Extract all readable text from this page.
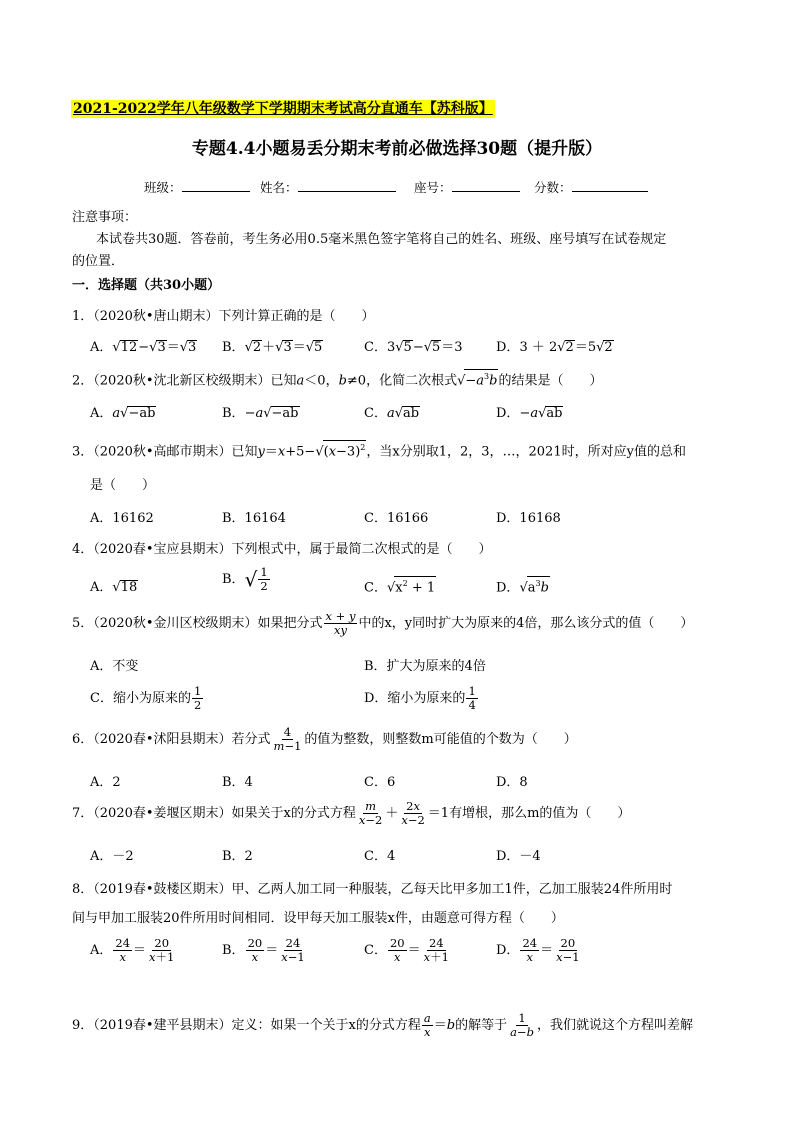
2021-2022学年八年级数学下学期期末考试高分直通车【苏科版】
专题4.4小题易丢分期末考前必做选择30题（提升版）
班级：	姓名：	座号：	分数：
注意事项：
本试卷共30题．答卷前，考生务必用0.5毫米黑色签字笔将自己的姓名、班级、座号填写在试卷规定
的位置．
一．选择题（共30小题）
1．（2020秋•唐山期末）下列计算正确的是（　　）
A．√12−√3＝√3 B．√2＋√3＝√5	C．3√5−√5＝3	D．3 ＋ 2√2＝5√2
2．（2020秋•沈北新区校级期末）已知a＜0，b≠0，化简二次根式$√-a^3b$的结果是（　　）
A．a√−ab	B．−a√−ab	C．a√ab	D．−a√ab
3．（2020秋•高邮市期末）已知$y=x+5-√(x-3)^2$，当x分别取1，2，3，…，2021时，所对应y值的总和
是（　　）
A．16162	B．16164	C．16166	D．16168
4．（2020春•宝应县期末）下列根式中，属于最简二次根式的是（　　）
A．√18
B．√ $\frac{1}{2}$	C．$√x^2 + 1$	D．$√a^3b$
5．（2020秋•金川区校级期末）如果把分式 $\frac{x + y}{xy}$ 中的x，y同时扩大为原来的4倍，那么该分式的值（　　）
A．不变	B．扩大为原来的4倍
C．缩小为原来的 $\frac{1}{2}$	D．缩小为原来的 $\frac{1}{4}$
6．（2020春•沭阳县期末）若分式 $\frac{4}{m-1}$ 的值为整数，则整数m可能值的个数为（　　）
A．2	B．4	C．6	D．8
7．（2020春•姜堰区期末）如果关于x的分式方程 $\frac{m}{x-2} + \frac{2x}{x-2} =1$有增根，那么m的值为（　　）
A．－2	B．2	C．4	D．－4
8．（2019春•鼓楼区期末）甲、乙两人加工同一种服装，乙每天比甲多加工1件，乙加工服装24件所用时
间与甲加工服装20件所用时间相同．设甲每天加工服装x件，由题意可得方程（　　）
A． $\frac{24}{x} = \frac{20}{x+1}$	B． $\frac{20}{x} = \frac{24}{x-1}$	C． $\frac{20}{x} = \frac{24}{x+1}$	D． $\frac{24}{x} = \frac{20}{x-1}$
9．（2019春•建平县期末）定义：如果一个关于x的分式方程 $\frac{a}{x} =b$的解等于 $\frac{1}{a-b}$ ，我们就说这个方程叫差解
